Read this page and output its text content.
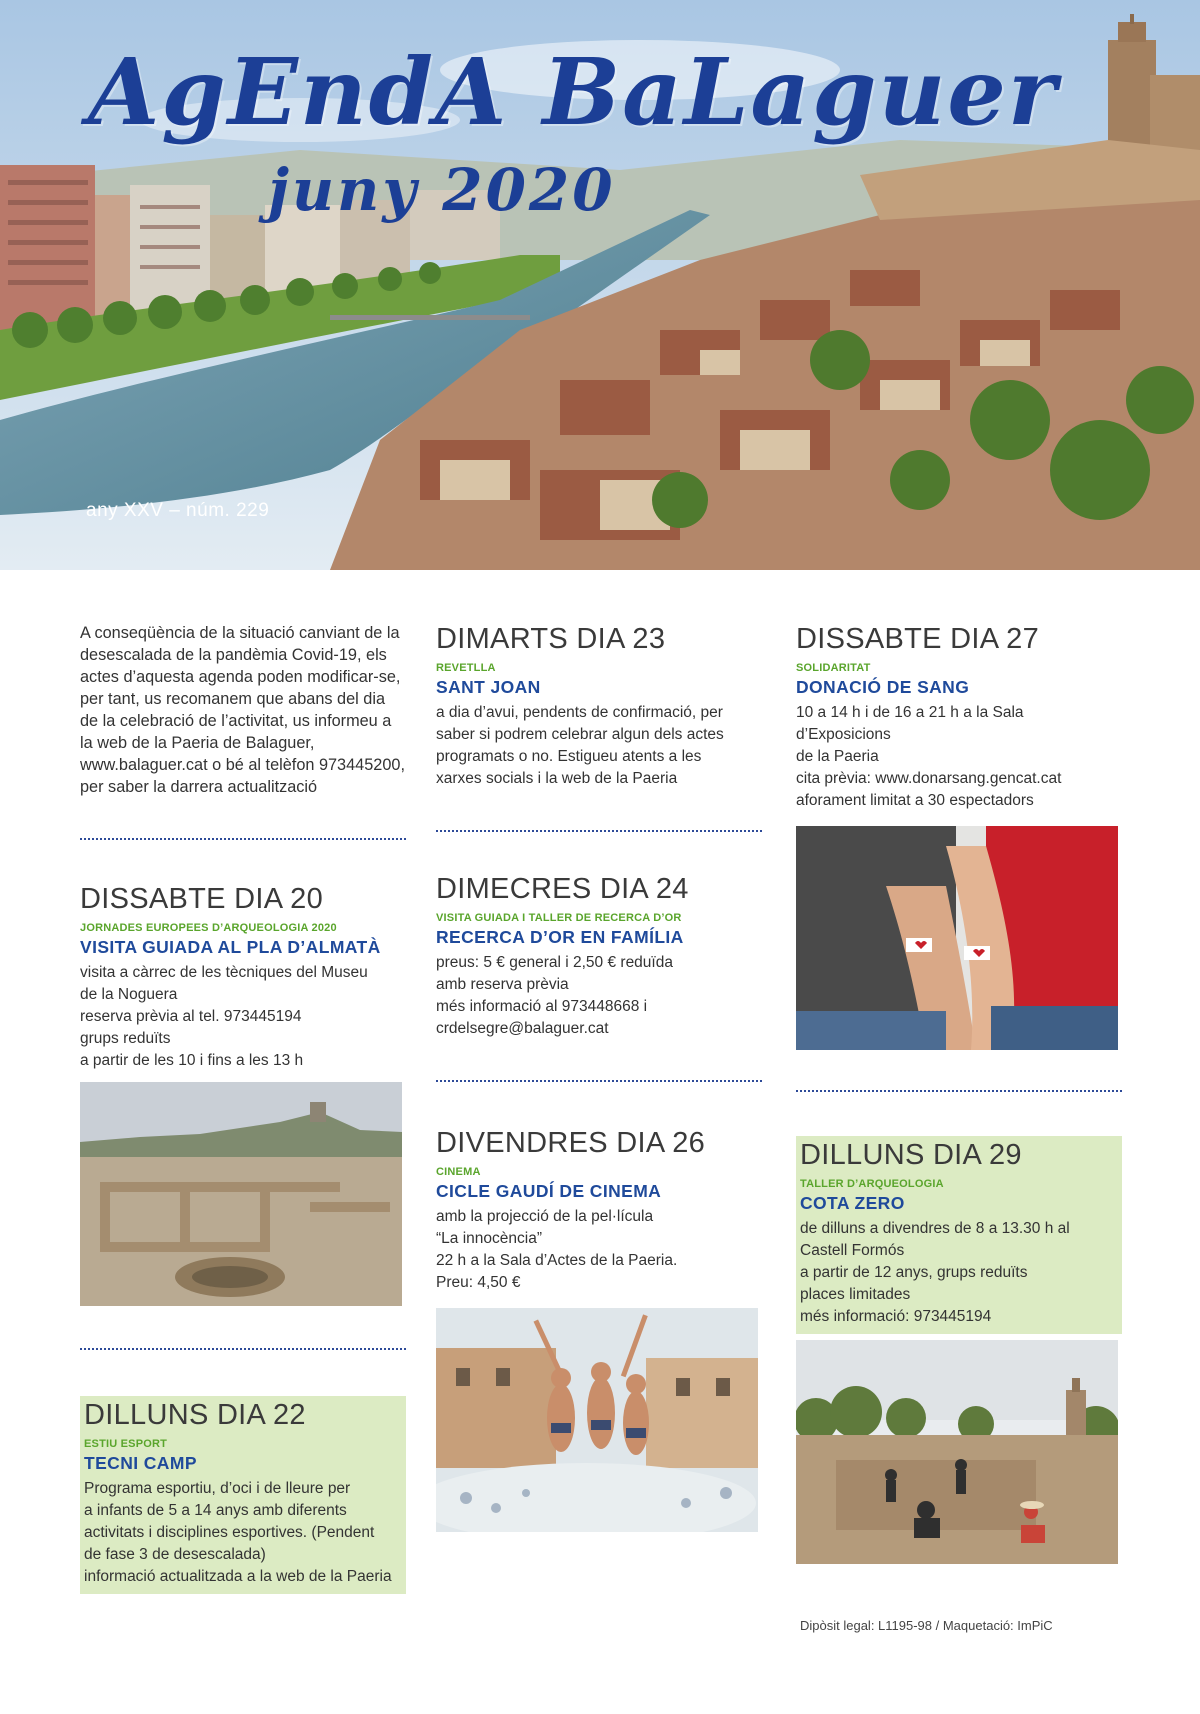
AgEndA BaLaguer
juny 2020
any XXV – núm. 229
A conseqüència de la situació canviant de la desescalada de la pandèmia Covid-19, els actes d’aquesta agenda poden modificar-se, per tant, us recomanem que abans del dia de la celebració de l’activitat, us informeu a la web de la Paeria de Balaguer, www.balaguer.cat o bé al telèfon 973445200, per saber la darrera actualització
DISSABTE DIA 20
JORNADES EUROPEES D’ARQUEOLOGIA 2020
VISITA GUIADA AL PLA D’ALMATÀ
visita a càrrec de les tècniques del Museu
de la Noguera
reserva prèvia al tel. 973445194
grups reduïts
a partir de les 10 i fins a les 13 h
DILLUNS DIA 22
ESTIU ESPORT
TECNI CAMP
Programa esportiu, d’oci i de lleure per
a infants de 5 a 14 anys amb diferents
activitats i disciplines esportives. (Pendent
de fase 3 de desescalada)
informació actualitzada a la web de la Paeria
DIMARTS DIA 23
REVETLLA
SANT JOAN
a dia d’avui, pendents de confirmació, per
saber si podrem celebrar algun dels actes
programats o no. Estigueu atents a les
xarxes socials i la web de la Paeria
DIMECRES DIA 24
VISITA GUIADA I TALLER DE RECERCA D’OR
RECERCA D’OR EN FAMÍLIA
preus: 5 € general i 2,50 € reduïda
amb reserva prèvia
més informació al 973448668 i
crdelsegre@balaguer.cat
DIVENDRES DIA 26
CINEMA
CICLE GAUDÍ DE CINEMA
amb la projecció de la pel·lícula
“La innocència”
22 h a la Sala d’Actes de la Paeria.
Preu: 4,50 €
DISSABTE DIA 27
SOLIDARITAT
DONACIÓ DE SANG
10 a 14 h i de 16 a 21 h a la Sala d’Exposicions
de la Paeria
cita prèvia: www.donarsang.gencat.cat
aforament limitat a 30 espectadors
DILLUNS DIA 29
TALLER D’ARQUEOLOGIA
COTA ZERO
de dilluns a divendres de 8 a 13.30 h al
Castell Formós
a partir de 12 anys, grups reduïts
places limitades
més informació: 973445194
Dipòsit legal: L1195-98 / Maquetació: ImPiC
